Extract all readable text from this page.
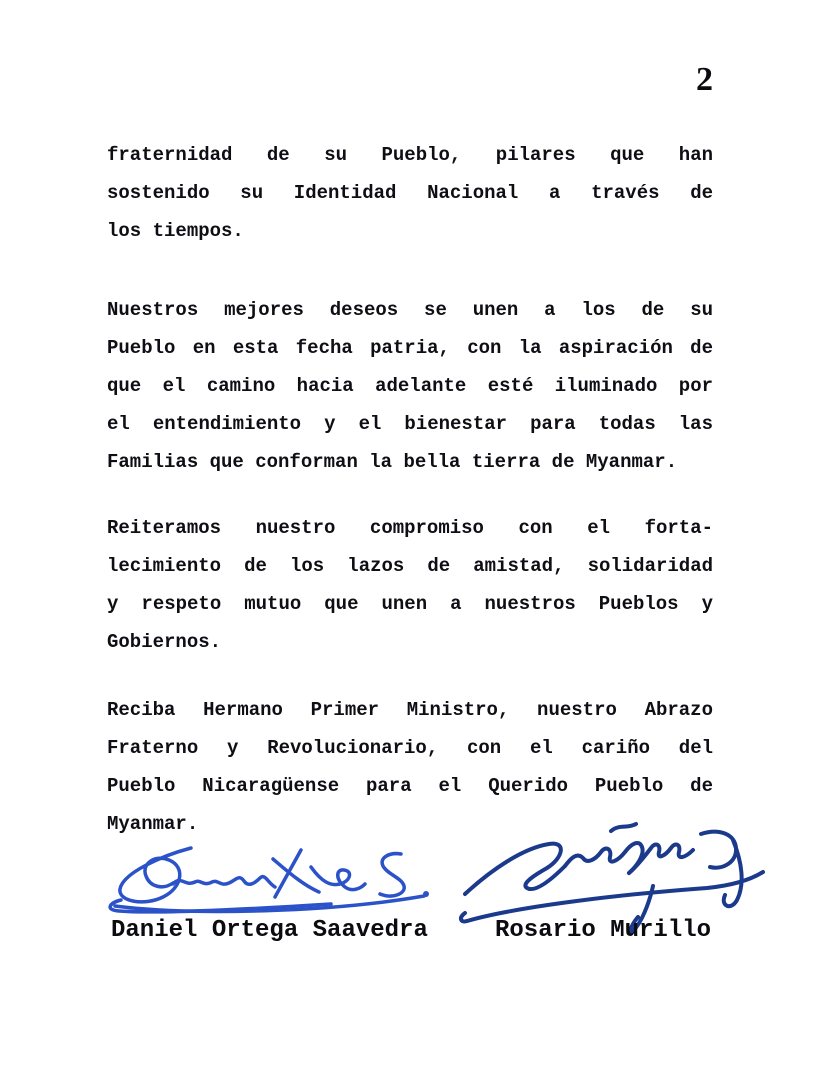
2
fraternidad de su Pueblo, pilares que han
sostenido su Identidad Nacional a través de
los tiempos.
Nuestros mejores deseos se unen a los de su
Pueblo en esta fecha patria, con la aspiración de
que el camino hacia adelante esté iluminado por
el entendimiento y el bienestar para todas las
Familias que conforman la bella tierra de Myanmar.
Reiteramos nuestro compromiso con el forta-
lecimiento de los lazos de amistad, solidaridad
y respeto mutuo que unen a nuestros Pueblos y
Gobiernos.
Reciba Hermano Primer Ministro, nuestro Abrazo
Fraterno y Revolucionario, con el cariño del
Pueblo Nicaragüense para el Querido Pueblo de
Myanmar.
Daniel Ortega Saavedra	Rosario Murillo
